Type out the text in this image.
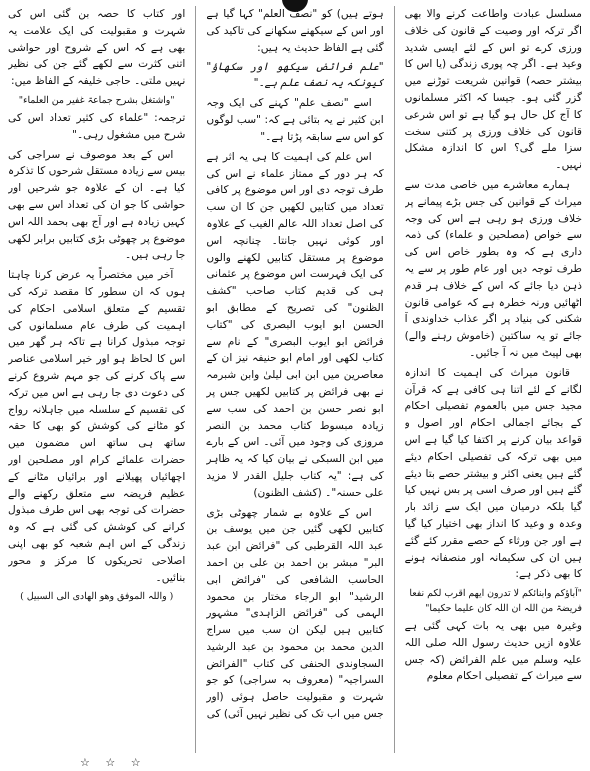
مسلسل عبادت واطاعت کرنے والا بھی اگر ترکہ اور وصیت کے قانون کی خلاف ورزی کرے تو اس کے لئے ایسی شدید وعید ہے۔ اگر چہ پوری زندگی (یا اس کا بیشتر حصہ) قوانین شریعت توڑنے میں گزر گئی ہو۔ جیسا کہ اکثر مسلمانوں کا آج کل حال ہو گیا ہے تو اس شرعی قانون کی خلاف ورزی پر کتنی سخت سزا ملے گی؟ اس کا اندازہ مشکل نہیں۔

ہمارے معاشرے میں خاصی مدت سے میراث کے قوانین کی جس بڑے پیمانے پر خلاف ورزی ہو رہی ہے اس کی وجہ سے خواص (مصلحین و علماء) کی ذمہ داری ہے کہ وہ بطور خاص اس کی طرف توجہ دیں اور عام طور پر سے یہ ذہن دیا جائے کہ اس کے خلاف ہر قدم اٹھائیں ورنہ خطرہ ہے کہ عوامی قانون شکنی کی بنیاد پر اگر عذاب خداوندی آ جائے تو یہ ساکتین (خاموش رہنے والے) بھی لپیٹ میں نہ آ جائیں۔

قانون میراث کی اہمیت کا اندازہ لگانے کے لئے اتنا ہی کافی ہے کہ قرآن مجید جس میں بالعموم تفصیلی احکام کے بجائے اجمالی احکام اور اصول و قواعد بیان کرنے پر اکتفا کیا گیا ہے اس میں بھی ترکہ کی تفصیلی احکام دیئے گئے ہیں یعنی اکثر و بیشتر حصے بتا دیئے گئے ہیں اور صرف اسی پر بس نہیں کیا گیا بلکہ درمیان میں ایک سے زائد بار وعدہ و وعید کا انداز بھی اختیار کیا گیا ہے اور جن ورثاء کے حصے مقرر کئے گئے ہیں ان کی سکیمانہ اور منصفانہ ہونے کا بھی ذکر ہے:

"آباؤکم وابنائکم لا تدرون ایھم اقرب لکم نفعا فریضۃ من اللہ ان اللہ کان علیما حکیما"

وغیرہ میں بھی یہ بات کہی گئی ہے علاوہ ازیں حدیث رسول اللہ صلی اللہ علیہ وسلم میں علم الفرائض (کہ جس سے میراث کے تفصیلی احکام معلوم

ہوتے ہیں) کو "نصف العلم" کہا گیا ہے اور اس کے سیکھنے سکھانے کی تاکید کی گئی ہے الفاظ حدیث یہ ہیں:

"علم فرائض سیکھو اور سکھاؤ" کیونکہ یہ نصف علم ہے۔"

اسے "نصف علم" کہنے کی ایک وجہ ابن کثیر نے یہ بتائی ہے کہ: "سب لوگوں کو اس سے سابقہ پڑتا ہے۔"

اس علم کی اہمیت کا ہی یہ اثر ہے کہ ہر دور کے ممتاز علماء نے اس کی طرف توجہ دی اور اس موضوع پر کافی تعداد میں کتابیں لکھیں جن کا ان سب کی اصل تعداد اللہ عالم الغیب کے علاوہ اور کوئی نہیں جانتا۔ چنانچہ اس موضوع پر مستقل کتابیں لکھنے والوں کی ایک فہرست اس موضوع پر عثمانی ہی کی قدیم کتاب صاحب "کشف الظنون" کی تصریح کے مطابق ابو الحسن ابو ایوب البصری کی "کتاب فرائض ابو ایوب البصری" کے نام سے کتاب لکھی اور امام ابو حنیفہ نیز ان کے معاصرین میں ابن ابی لیلیٰ وابن شبرمہ نے بھی فرائض پر کتابیں لکھیں جس پر ابو نصر حسن بن احمد کی سب سے زیادہ مبسوط کتاب محمد بن النصر مروزی کی وجود میں آئی۔ اس کے بارے میں ابن السبکی نے بیان کیا کہ یہ ظاہر کی ہے: "یہ کتاب جلیل القدر لا مزید علی حسنہ"۔ (کشف الظنون)

اس کے علاوہ بے شمار چھوٹی بڑی کتابیں لکھی گئیں جن میں یوسف بن عبد اللہ القرطبی کی "فرائض ابن عبد البر" مبشر بن احمد بن علی بن احمد الحاسب الشافعی کی "فرائض ابی الرشید" ابو الرجاء مختار بن محمود الہمی کی "فرائض الزاہدی" مشہور کتابیں ہیں لیکن ان سب میں سراج الدین محمد بن محمود بن عبد الرشید السجاوندی الحنفی کی کتاب "الفرائض السراجیہ" (معروف بہ سراجی) کو جو شہرت و مقبولیت حاصل ہوئی (اور جس میں اب تک کی نظیر نہیں آئی) کی

اور کتاب کا حصہ بن گئی اس کی شہرت و مقبولیت کی ایک علامت یہ بھی ہے کہ اس کے شروح اور حواشی اتنی کثرت سے لکھے گئے جن کی نظیر نہیں ملتی۔ حاجی خلیفہ کے الفاظ میں:

"واشتغل بشرح جماعۃ غفیر من العلماء"

ترجمہ: "علماء کی کثیر تعداد اس کی شرح میں مشغول رہی۔"

اس کے بعد موصوف نے سراجی کی بیس سے زیادہ مستقل شرحوں کا تذکرہ کیا ہے۔ ان کے علاوہ جو شرحیں اور حواشی کا جو ان کی تعداد اس سے بھی کہیں زیادہ ہے اور آج بھی بحمد اللہ اس موضوع پر چھوٹی بڑی کتابیں برابر لکھی جا رہی ہیں۔

آخر میں مختصراً یہ عرض کرنا چاہتا ہوں کہ ان سطور کا مقصد ترکہ کی تقسیم کے متعلق اسلامی احکام کی اہمیت کی طرف عام مسلمانوں کی توجہ مبذول کرانا ہے تاکہ ہر گھر میں اس کا لحاظ ہو اور خیر اسلامی عناصر سے پاک کرنے کی جو مہم شروع کرنے کی دعوت دی جا رہی ہے اس میں ترکہ کی تقسیم کے سلسلہ میں جاہلانہ رواج کو مٹانے کی کوشش کو بھی کا حقہ ساتھ ہی ساتھ اس مضمون میں حضرات علمائے کرام اور مصلحین اور اچھائیاں پھیلانے اور برائیاں مٹانے کے عظیم فریضہ سے متعلق رکھنے والے حضرات کی توجہ بھی اس طرف مبذول کرانے کی کوشش کی گئی ہے کہ وہ زندگی کے اس اہم شعبہ کو بھی اپنی اصلاحی تحریکوں کا مرکز و محور بنائیں۔

( واللہ الموفق وھو الھادی الی السبیل )

☆ ☆ ☆
